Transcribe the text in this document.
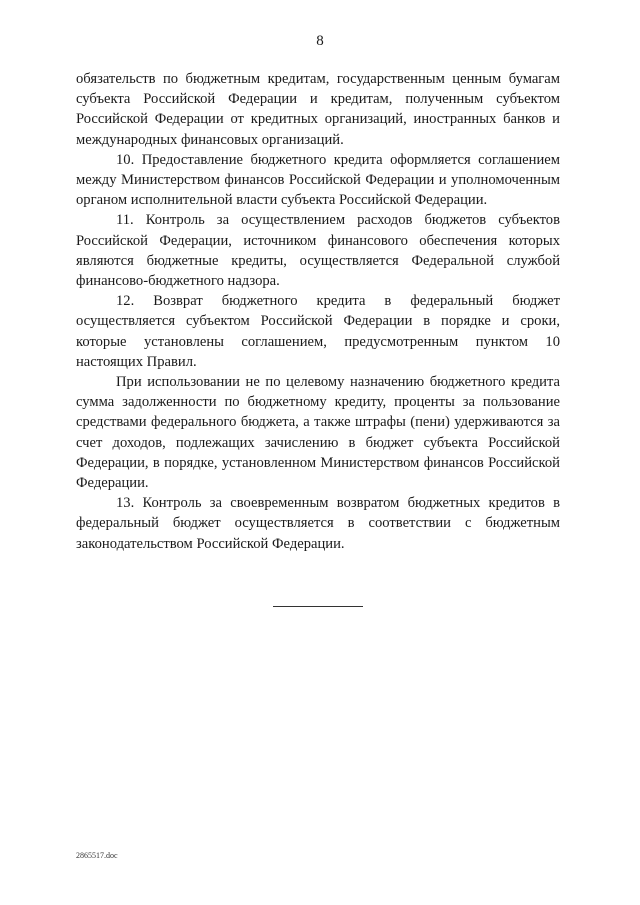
8

обязательств по бюджетным кредитам, государственным ценным бумагам субъекта Российской Федерации и кредитам, полученным субъектом Российской Федерации от кредитных организаций, иностранных банков и международных финансовых организаций.

10. Предоставление бюджетного кредита оформляется соглашением между Министерством финансов Российской Федерации и уполномоченным органом исполнительной власти субъекта Российской Федерации.

11. Контроль за осуществлением расходов бюджетов субъектов Российской Федерации, источником финансового обеспечения которых являются бюджетные кредиты, осуществляется Федеральной службой финансово-бюджетного надзора.

12. Возврат бюджетного кредита в федеральный бюджет осуществляется субъектом Российской Федерации в порядке и сроки, которые установлены соглашением, предусмотренным пунктом 10 настоящих Правил.

При использовании не по целевому назначению бюджетного кредита сумма задолженности по бюджетному кредиту, проценты за пользование средствами федерального бюджета, а также штрафы (пени) удерживаются за счет доходов, подлежащих зачислению в бюджет субъекта Российской Федерации, в порядке, установленном Министерством финансов Российской Федерации.

13. Контроль за своевременным возвратом бюджетных кредитов в федеральный бюджет осуществляется в соответствии с бюджетным законодательством Российской Федерации.

2865517.doc
